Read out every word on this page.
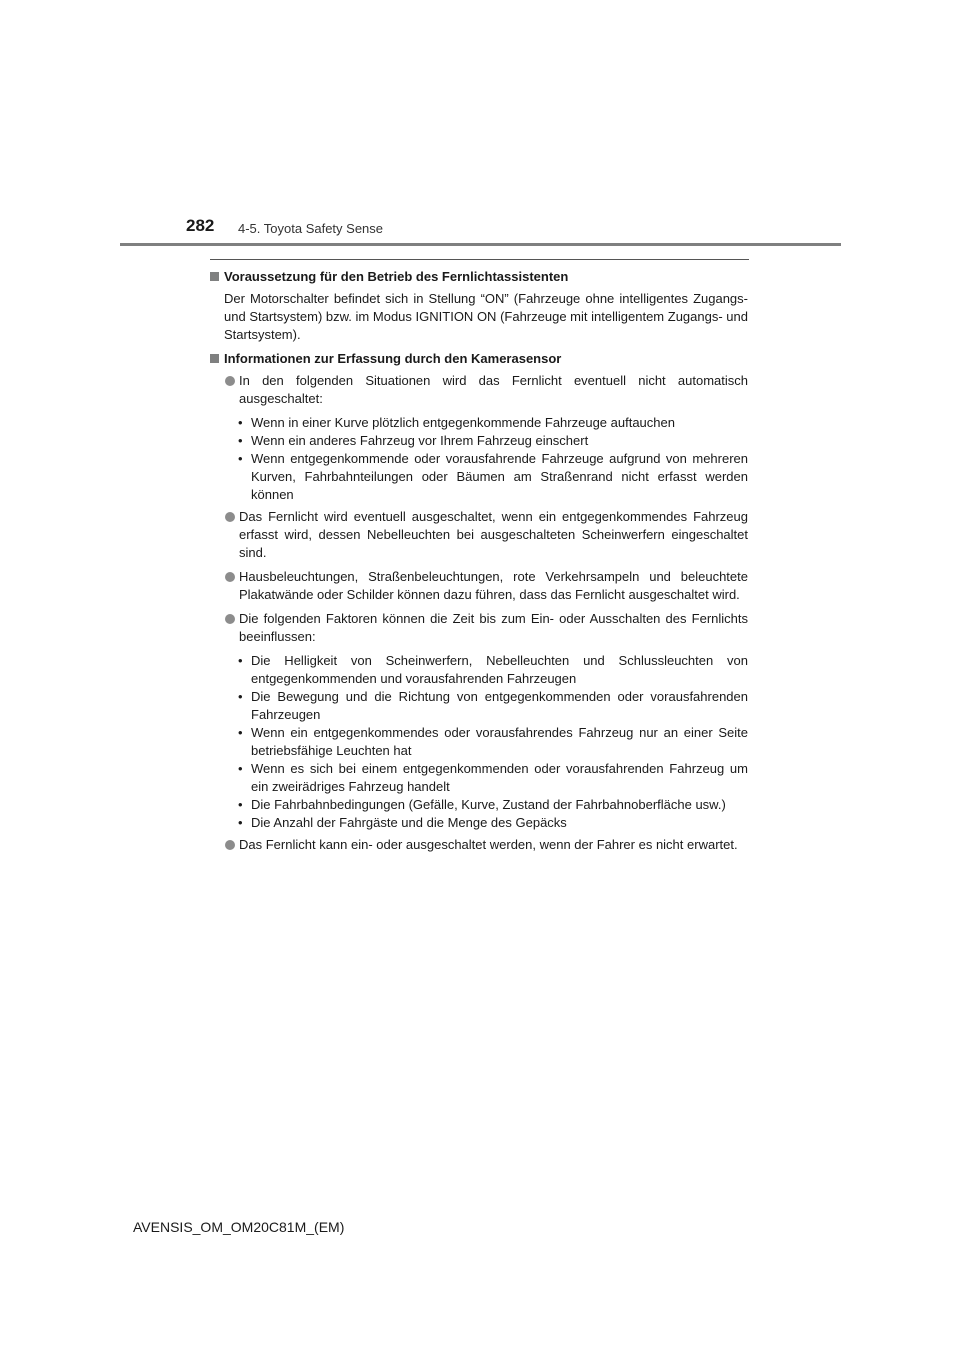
282 4-5. Toyota Safety Sense
Voraussetzung für den Betrieb des Fernlichtassistenten
Der Motorschalter befindet sich in Stellung “ON” (Fahrzeuge ohne intelligentes Zugangs- und Startsystem) bzw. im Modus IGNITION ON (Fahrzeuge mit intelligentem Zugangs- und Startsystem).
Informationen zur Erfassung durch den Kamerasensor
In den folgenden Situationen wird das Fernlicht eventuell nicht automatisch ausgeschaltet:
• Wenn in einer Kurve plötzlich entgegenkommende Fahrzeuge auftauchen
• Wenn ein anderes Fahrzeug vor Ihrem Fahrzeug einschert
• Wenn entgegenkommende oder vorausfahrende Fahrzeuge aufgrund von mehreren Kurven, Fahrbahnteilungen oder Bäumen am Straßenrand nicht erfasst werden können
Das Fernlicht wird eventuell ausgeschaltet, wenn ein entgegenkommendes Fahrzeug erfasst wird, dessen Nebelleuchten bei ausgeschalteten Scheinwerfern eingeschaltet sind.
Hausbeleuchtungen, Straßenbeleuchtungen, rote Verkehrsampeln und beleuchtete Plakatwände oder Schilder können dazu führen, dass das Fernlicht ausgeschaltet wird.
Die folgenden Faktoren können die Zeit bis zum Ein- oder Ausschalten des Fernlichts beeinflussen:
• Die Helligkeit von Scheinwerfern, Nebelleuchten und Schlussleuchten von entgegenkommenden und vorausfahrenden Fahrzeugen
• Die Bewegung und die Richtung von entgegenkommenden oder vorausfahrenden Fahrzeugen
• Wenn ein entgegenkommendes oder vorausfahrendes Fahrzeug nur an einer Seite betriebsfähige Leuchten hat
• Wenn es sich bei einem entgegenkommenden oder vorausfahrenden Fahrzeug um ein zweirädriges Fahrzeug handelt
• Die Fahrbahnbedingungen (Gefälle, Kurve, Zustand der Fahrbahnoberfläche usw.)
• Die Anzahl der Fahrgäste und die Menge des Gepäcks
Das Fernlicht kann ein- oder ausgeschaltet werden, wenn der Fahrer es nicht erwartet.
AVENSIS_OM_OM20C81M_(EM)
